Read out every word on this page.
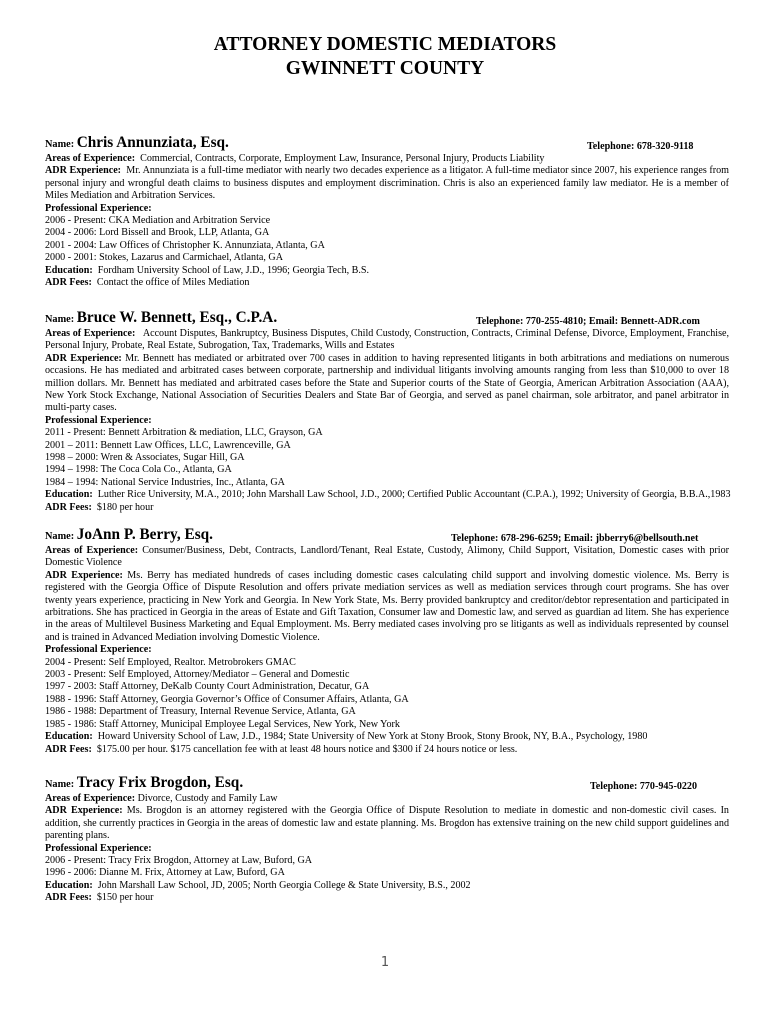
ATTORNEY DOMESTIC MEDIATORS
GWINNETT COUNTY
Name: Chris Annunziata, Esq.	Telephone: 678-320-9118
Areas of Experience: Commercial, Contracts, Corporate, Employment Law, Insurance, Personal Injury, Products Liability
ADR Experience: Mr. Annunziata is a full-time mediator with nearly two decades experience as a litigator. A full-time mediator since 2007, his experience ranges from personal injury and wrongful death claims to business disputes and employment discrimination. Chris is also an experienced family law mediator. He is a member of Miles Mediation and Arbitration Services.
Professional Experience:
2006 - Present: CKA Mediation and Arbitration Service
2004 - 2006: Lord Bissell and Brook, LLP, Atlanta, GA
2001 - 2004: Law Offices of Christopher K. Annunziata, Atlanta, GA
2000 - 2001: Stokes, Lazarus and Carmichael, Atlanta, GA
Education: Fordham University School of Law, J.D., 1996; Georgia Tech, B.S.
ADR Fees: Contact the office of Miles Mediation
Name: Bruce W. Bennett, Esq., C.P.A.	Telephone: 770-255-4810; Email: Bennett-ADR.com
Areas of Experience: Account Disputes, Bankruptcy, Business Disputes, Child Custody, Construction, Contracts, Criminal Defense, Divorce, Employment, Franchise, Personal Injury, Probate, Real Estate, Subrogation, Tax, Trademarks, Wills and Estates
ADR Experience: Mr. Bennett has mediated or arbitrated over 700 cases in addition to having represented litigants in both arbitrations and mediations on numerous occasions. He has mediated and arbitrated cases between corporate, partnership and individual litigants involving amounts ranging from less than $10,000 to over 18 million dollars. Mr. Bennett has mediated and arbitrated cases before the State and Superior courts of the State of Georgia, American Arbitration Association (AAA), New York Stock Exchange, National Association of Securities Dealers and State Bar of Georgia, and served as panel chairman, sole arbitrator, and panel arbitrator in multi-party cases.
Professional Experience:
2011 - Present: Bennett Arbitration & mediation, LLC, Grayson, GA
2001 – 2011: Bennett Law Offices, LLC, Lawrenceville, GA
1998 – 2000: Wren & Associates, Sugar Hill, GA
1994 – 1998: The Coca Cola Co., Atlanta, GA
1984 – 1994: National Service Industries, Inc., Atlanta, GA
Education: Luther Rice University, M.A., 2010; John Marshall Law School, J.D., 2000; Certified Public Accountant (C.P.A.), 1992; University of Georgia, B.B.A.,1983
ADR Fees: $180 per hour
Name: JoAnn P. Berry, Esq.	Telephone: 678-296-6259; Email: jbberry6@bellsouth.net
Areas of Experience: Consumer/Business, Debt, Contracts, Landlord/Tenant, Real Estate, Custody, Alimony, Child Support, Visitation, Domestic cases with prior Domestic Violence
ADR Experience: Ms. Berry has mediated hundreds of cases including domestic cases calculating child support and involving domestic violence. Ms. Berry is registered with the Georgia Office of Dispute Resolution and offers private mediation services as well as mediation services through court programs. She has over twenty years experience, practicing in New York and Georgia. In New York State, Ms. Berry provided bankruptcy and creditor/debtor representation and participated in arbitrations. She has practiced in Georgia in the areas of Estate and Gift Taxation, Consumer law and Domestic law, and served as guardian ad litem. She has experience in the areas of Multilevel Business Marketing and Equal Employment. Ms. Berry mediated cases involving pro se litigants as well as individuals represented by counsel and is trained in Advanced Mediation involving Domestic Violence.
Professional Experience:
2004 - Present: Self Employed, Realtor. Metrobrokers GMAC
2003 - Present: Self Employed, Attorney/Mediator – General and Domestic
1997 - 2003: Staff Attorney, DeKalb County Court Administration, Decatur, GA
1988 - 1996: Staff Attorney, Georgia Governor’s Office of Consumer Affairs, Atlanta, GA
1986 - 1988: Department of Treasury, Internal Revenue Service, Atlanta, GA
1985 - 1986: Staff Attorney, Municipal Employee Legal Services, New York, New York
Education: Howard University School of Law, J.D., 1984; State University of New York at Stony Brook, Stony Brook, NY, B.A., Psychology, 1980
ADR Fees: $175.00 per hour. $175 cancellation fee with at least 48 hours notice and $300 if 24 hours notice or less.
Name: Tracy Frix Brogdon, Esq.	Telephone: 770-945-0220
Areas of Experience: Divorce, Custody and Family Law
ADR Experience: Ms. Brogdon is an attorney registered with the Georgia Office of Dispute Resolution to mediate in domestic and non-domestic civil cases. In addition, she currently practices in Georgia in the areas of domestic law and estate planning. Ms. Brogdon has extensive training on the new child support guidelines and parenting plans.
Professional Experience:
2006 - Present: Tracy Frix Brogdon, Attorney at Law, Buford, GA
1996 - 2006: Dianne M. Frix, Attorney at Law, Buford, GA
Education: John Marshall Law School, JD, 2005; North Georgia College & State University, B.S., 2002
ADR Fees: $150 per hour
1
